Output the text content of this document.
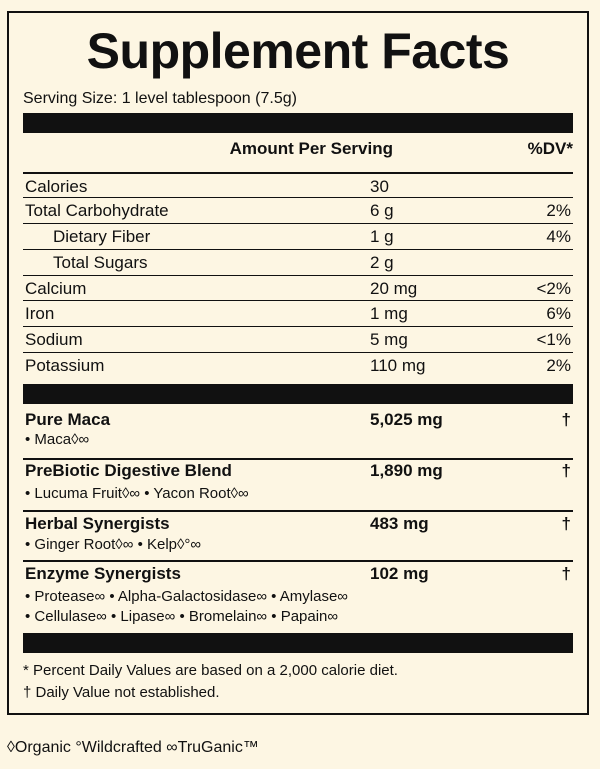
Supplement Facts
Serving Size: 1 level tablespoon (7.5g)
Amount Per Serving	%DV*
Calories	30
Total Carbohydrate	6 g	2%
Dietary Fiber	1 g	4%
Total Sugars	2 g
Calcium	20 mg	<2%
Iron	1 mg	6%
Sodium	5 mg	<1%
Potassium	110 mg	2%
Pure Maca	5,025 mg	†
• Maca◊∞
PreBiotic Digestive Blend	1,890 mg	†
• Lucuma Fruit◊∞ • Yacon Root◊∞
Herbal Synergists	483 mg	†
• Ginger Root◊∞ • Kelp◊°∞
Enzyme Synergists	102 mg	†
• Protease∞ • Alpha-Galactosidase∞ • Amylase∞
• Cellulase∞ • Lipase∞ • Bromelain∞ • Papain∞
* Percent Daily Values are based on a 2,000 calorie diet.
† Daily Value not established.
◊Organic °Wildcrafted ∞TruGanic™
